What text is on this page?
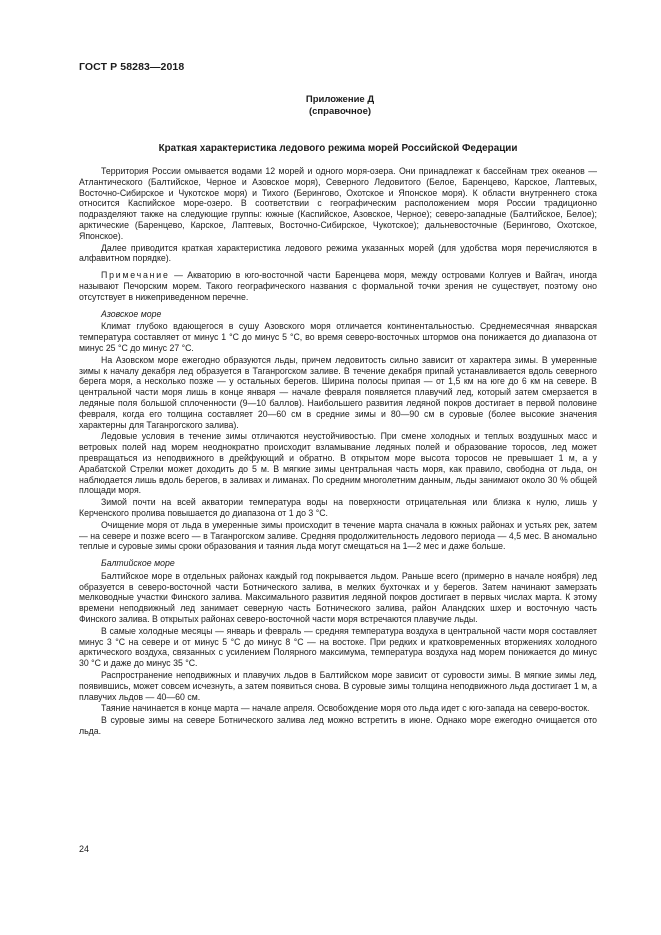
ГОСТ Р 58283—2018
Приложение Д
(справочное)
Краткая характеристика ледового режима морей Российской Федерации

Территория России омывается водами 12 морей и одного моря-озера. Они принадлежат к бассейнам трех океанов — Атлантического (Балтийское, Черное и Азовское моря), Северного Ледовитого (Белое, Баренцево, Карское, Лаптевых, Восточно-Сибирское и Чукотское моря) и Тихого (Берингово, Охотское и Японское моря). К области внутреннего стока относится Каспийское море-озеро. В соответствии с географическим расположением моря России традиционно подразделяют также на следующие группы: южные (Каспийское, Азовское, Черное); северо-западные (Балтийское, Белое); арктические (Баренцево, Карское, Лаптевых, Восточно-Сибирское, Чукотское); дальневосточные (Берингово, Охотское, Японское).

Далее приводится краткая характеристика ледового режима указанных морей (для удобства моря перечисляются в алфавитном порядке).

Примечание — Акваторию в юго-восточной части Баренцева моря, между островами Колгуев и Вайгач, иногда называют Печорским морем. Такого географического названия с формальной точки зрения не существует, поэтому оно отсутствует в нижеприведенном перечне.

Азовское море

Климат глубоко вдающегося в сушу Азовского моря отличается континентальностью. Среднемесячная январская температура составляет от минус 1 °С до минус 5 °С, во время северо-восточных штормов она понижается до диапазона от минус 25 °С до минус 27 °С.

На Азовском море ежегодно образуются льды, причем ледовитость сильно зависит от характера зимы. В умеренные зимы к началу декабря лед образуется в Таганрогском заливе. В течение декабря припай устанавливается вдоль северного берега моря, а несколько позже — у остальных берегов. Ширина полосы припая — от 1,5 км на юге до 6 км на севере. В центральной части моря лишь в конце января — начале февраля появляется плавучий лед, который затем смерзается в ледяные поля большой сплоченности (9—10 баллов). Наибольшего развития ледяной покров достигает в первой половине февраля, когда его толщина составляет 20—60 см в средние зимы и 80—90 см в суровые (более высокие значения характерны для Таганрогского залива).

Ледовые условия в течение зимы отличаются неустойчивостью. При смене холодных и теплых воздушных масс и ветровых полей над морем неоднократно происходит взламывание ледяных полей и образование торосов, лед может превращаться из неподвижного в дрейфующий и обратно. В открытом море высота торосов не превышает 1 м, а у Арабатской Стрелки может доходить до 5 м. В мягкие зимы центральная часть моря, как правило, свободна от льда, он наблюдается лишь вдоль берегов, в заливах и лиманах. По средним многолетним данным, льды занимают около 30 % общей площади моря.

Зимой почти на всей акватории температура воды на поверхности отрицательная или близка к нулю, лишь у Керченского пролива повышается до диапазона от 1 до 3 °С.

Очищение моря от льда в умеренные зимы происходит в течение марта сначала в южных районах и устьях рек, затем — на севере и позже всего — в Таганрогском заливе. Средняя продолжительность ледового периода — 4,5 мес. В аномально теплые и суровые зимы сроки образования и таяния льда могут смещаться на 1—2 мес и даже больше.

Балтийское море

Балтийское море в отдельных районах каждый год покрывается льдом. Раньше всего (примерно в начале ноября) лед образуется в северо-восточной части Ботнического залива, в мелких бухточках и у берегов. Затем начинают замерзать мелководные участки Финского залива. Максимального развития ледяной покров достигает в первых числах марта. К этому времени неподвижный лед занимает северную часть Ботнического залива, район Аландских шхер и восточную часть Финского залива. В открытых районах северо-восточной части моря встречаются плавучие льды.

В самые холодные месяцы — январь и февраль — средняя температура воздуха в центральной части моря составляет минус 3 °С на севере и от минус 5 °С до минус 8 °С — на востоке. При редких и кратковременных вторжениях холодного арктического воздуха, связанных с усилением Полярного максимума, температура воздуха над морем понижается до минус 30 °С и даже до минус 35 °С.

Распространение неподвижных и плавучих льдов в Балтийском море зависит от суровости зимы. В мягкие зимы лед, появившись, может совсем исчезнуть, а затем появиться снова. В суровые зимы толщина неподвижного льда достигает 1 м, а плавучих льдов — 40—60 см.

Таяние начинается в конце марта — начале апреля. Освобождение моря ото льда идет с юго-запада на северо-восток.

В суровые зимы на севере Ботнического залива лед можно встретить в июне. Однако море ежегодно очищается ото льда.

24
